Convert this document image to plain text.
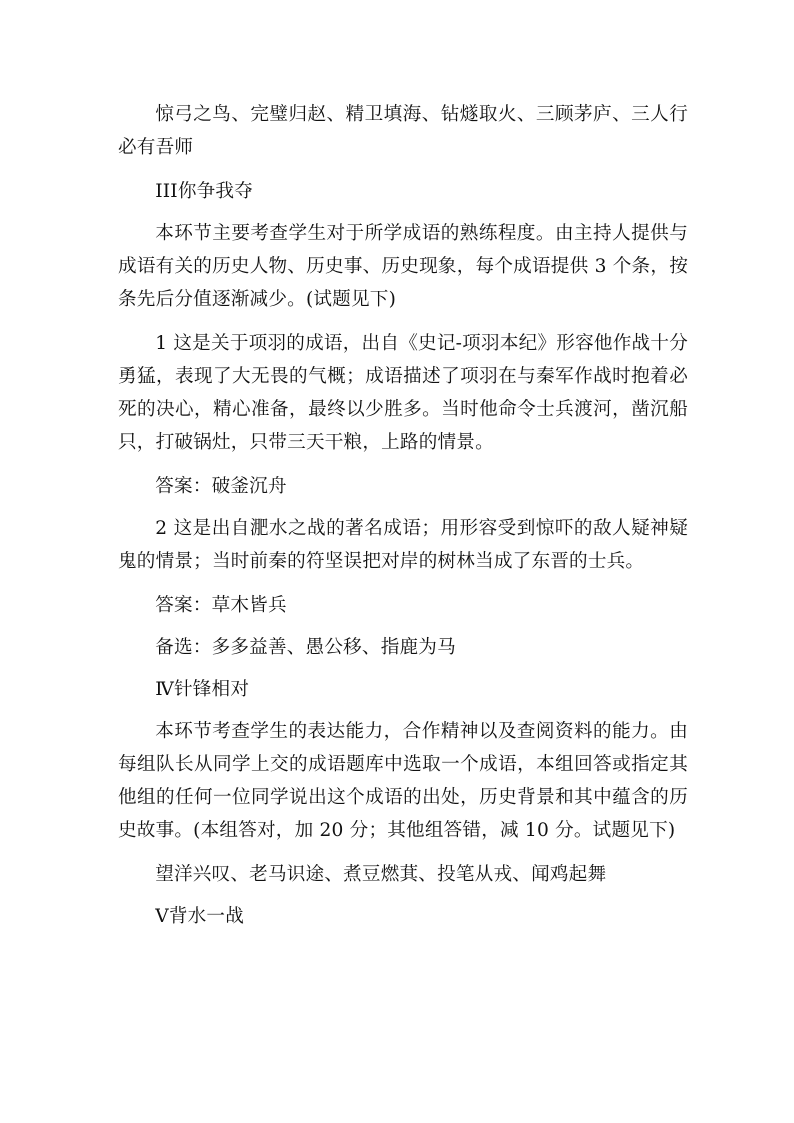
惊弓之鸟、完璧归赵、精卫填海、钻燧取火、三顾茅庐、三人行必有吾师

III你争我夺

本环节主要考查学生对于所学成语的熟练程度。由主持人提供与成语有关的历史人物、历史事、历史现象，每个成语提供 3 个条，按条先后分值逐渐减少。(试题见下)

1 这是关于项羽的成语，出自《史记-项羽本纪》形容他作战十分勇猛，表现了大无畏的气概；成语描述了项羽在与秦军作战时抱着必死的决心，精心准备，最终以少胜多。当时他命令士兵渡河，凿沉船只，打破锅灶，只带三天干粮，上路的情景。

答案：破釜沉舟

2 这是出自淝水之战的著名成语；用形容受到惊吓的敌人疑神疑鬼的情景；当时前秦的符坚误把对岸的树林当成了东晋的士兵。

答案：草木皆兵

备选：多多益善、愚公移、指鹿为马

Ⅳ针锋相对

本环节考查学生的表达能力，合作精神以及查阅资料的能力。由每组队长从同学上交的成语题库中选取一个成语，本组回答或指定其他组的任何一位同学说出这个成语的出处，历史背景和其中蕴含的历史故事。(本组答对，加 20 分；其他组答错，减 10 分。试题见下)

望洋兴叹、老马识途、煮豆燃萁、投笔从戎、闻鸡起舞

Ⅴ背水一战
